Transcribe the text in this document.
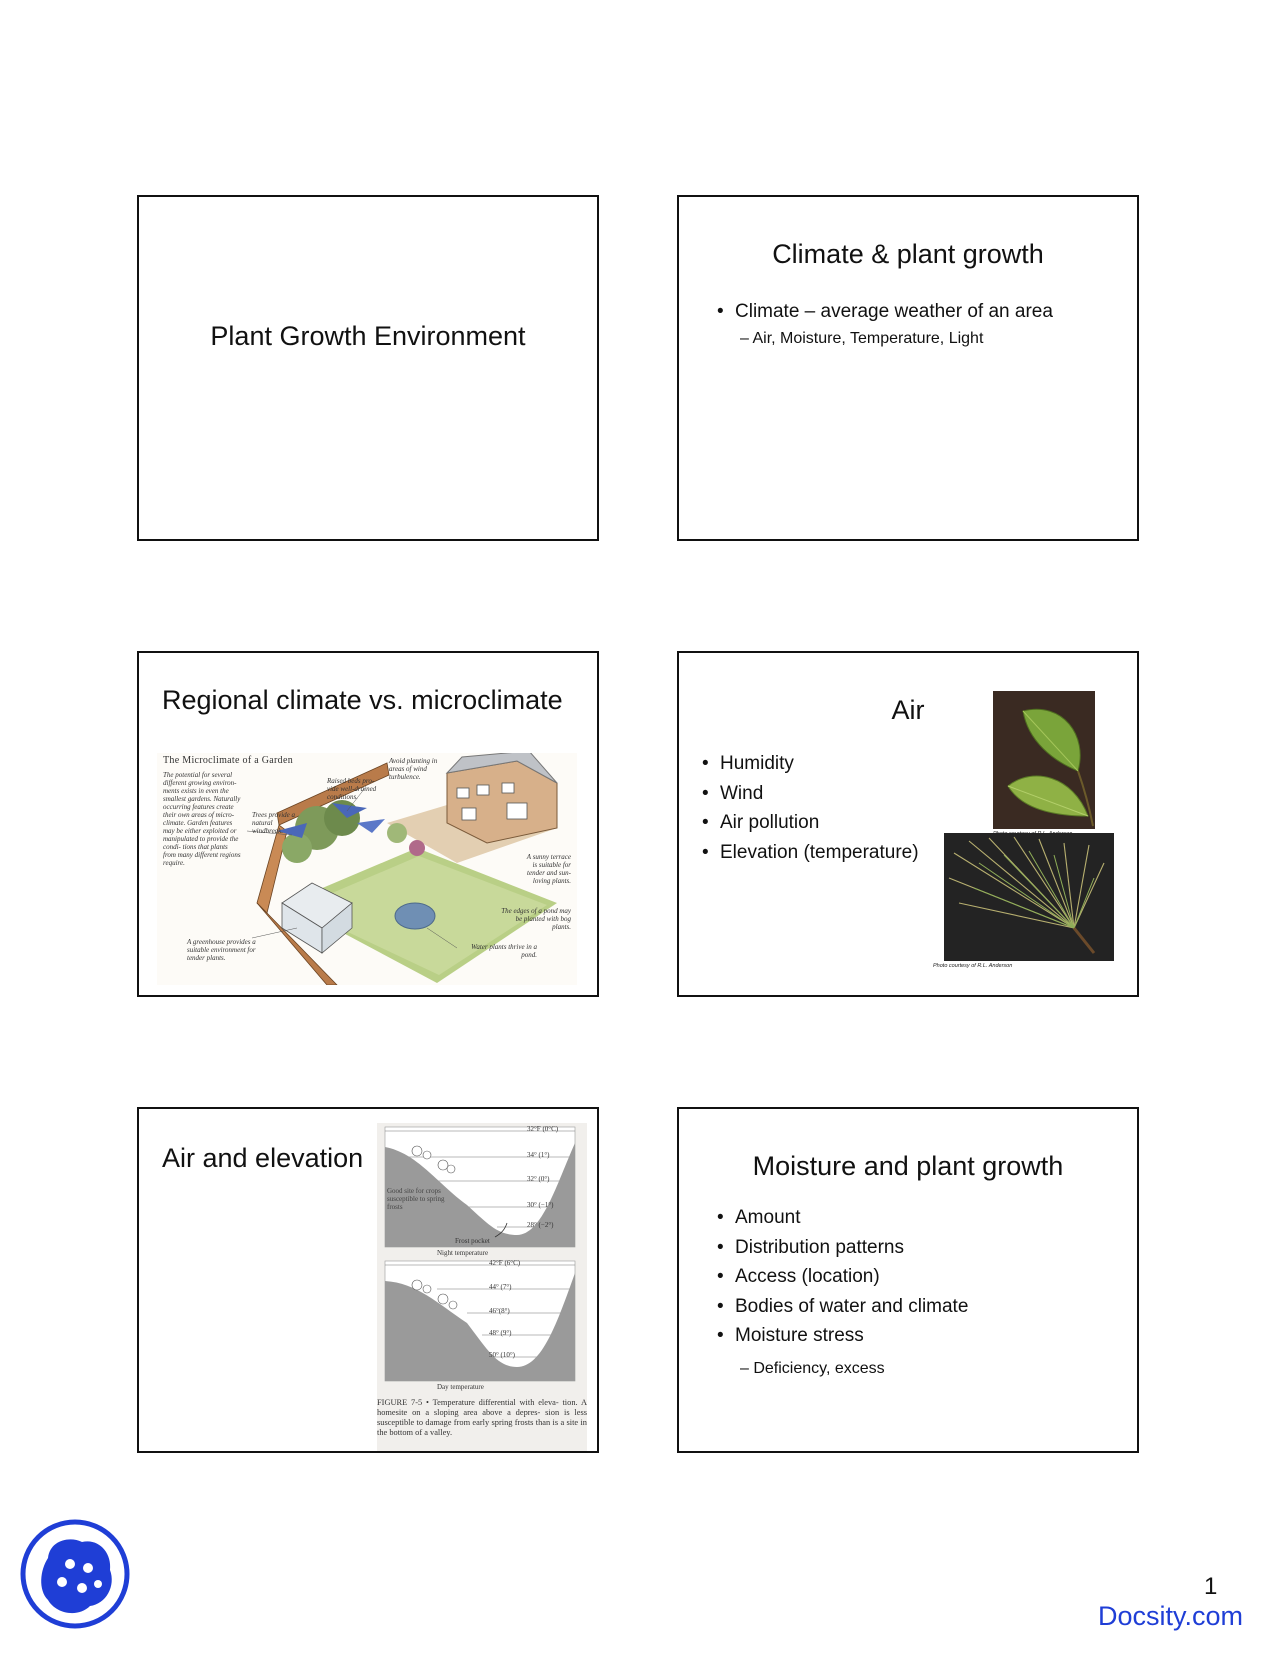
Plant Growth Environment
Climate & plant growth
• Climate – average weather of an area
– Air, Moisture, Temperature, Light
Regional climate vs. microclimate
The Microclimate of a Garden
The potential for several different growing environ- ments exists in even the smallest gardens. Naturally occurring features create their own areas of micro- climate. Garden features may be either exploited or manipulated to provide the condi- tions that plants from many different regions require.
Trees provide a natural windbreak.
Raised beds pro- vide well-drained conditions.
Avoid planting in areas of wind turbulence.
A sunny terrace is suitable for tender and sun-loving plants.
The edges of a pond may be planted with bog plants.
Water plants thrive in a pond.
A greenhouse provides a suitable environment for tender plants.
Air
• Humidity
• Wind
• Air pollution
• Elevation (temperature)
Photo courtesy of R.L. Anderson
Air and elevation
32°F (0°C)
34° (1°)
32° (0°)
30° (−1°)
28° (−2°)
Good site for crops susceptible to spring frosts
Frost pocket
Night temperature
42°F (6°C)
44° (7°)
46°(8°)
48° (9°)
50° (10°)
Day temperature
FIGURE 7-5 • Temperature differential with eleva- tion. A homesite on a sloping area above a depres- sion is less susceptible to damage from early spring frosts than is a site in the bottom of a valley.
Moisture and plant growth
• Amount
• Distribution patterns
• Access (location)
• Bodies of water and climate
• Moisture stress
– Deficiency, excess
1
Docsity.com
